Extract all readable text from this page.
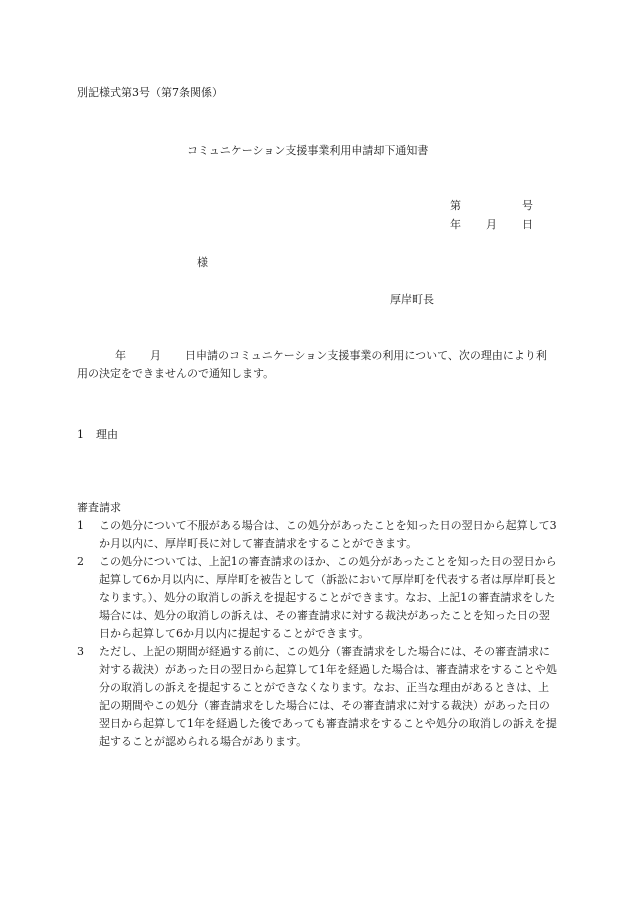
別記様式第3号（第7条関係）
コミュニケーション支援事業利用申請却下通知書
第	号
年 月 日
様
厚岸町長
年 月 日申請のコミュニケーション支援事業の利用について、次の理由により利用の決定をできませんので通知します。
1 理由
審査請求

1 この処分について不服がある場合は、この処分があったことを知った日の翌日から起算して3か月以内に、厚岸町長に対して審査請求をすることができます。

2 この処分については、上記1の審査請求のほか、この処分があったことを知った日の翌日から起算して6か月以内に、厚岸町を被告として（訴訟において厚岸町を代表する者は厚岸町長となります。）、処分の取消しの訴えを提起することができます。なお、上記1の審査請求をした場合には、処分の取消しの訴えは、その審査請求に対する裁決があったことを知った日の翌日から起算して6か月以内に提起することができます。

3 ただし、上記の期間が経過する前に、この処分（審査請求をした場合には、その審査請求に対する裁決）があった日の翌日から起算して1年を経過した場合は、審査請求をすることや処分の取消しの訴えを提起することができなくなります。なお、正当な理由があるときは、上記の期間やこの処分（審査請求をした場合には、その審査請求に対する裁決）があった日の翌日から起算して1年を経過した後であっても審査請求をすることや処分の取消しの訴えを提起することが認められる場合があります。
